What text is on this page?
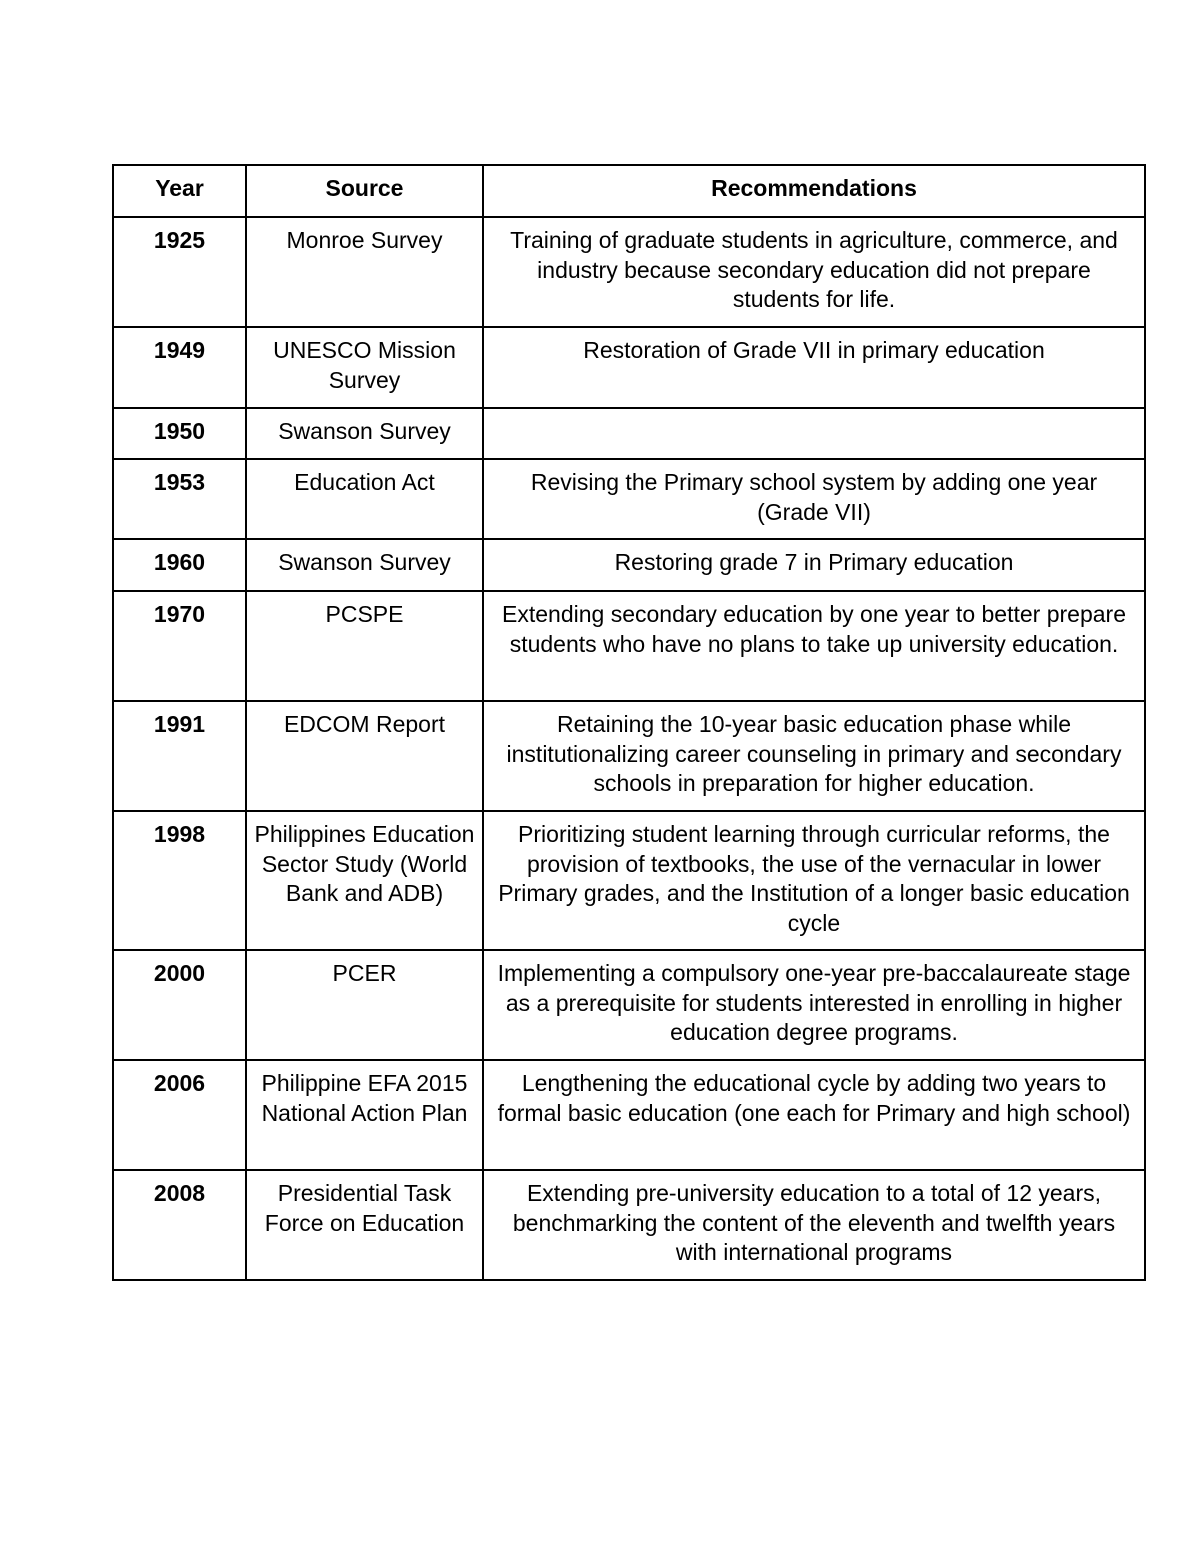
Year	Source	Recommendations
1925	Monroe Survey	Training of graduate students in agriculture, commerce, and industry because secondary education did not prepare students for life.
1949	UNESCO Mission Survey	Restoration of Grade VII in primary education
1950	Swanson Survey	
1953	Education Act	Revising the Primary school system by adding one year (Grade VII)
1960	Swanson Survey	Restoring grade 7 in Primary education
1970	PCSPE	Extending secondary education by one year to better prepare students who have no plans to take up university education.
1991	EDCOM Report	Retaining the 10-year basic education phase while institutionalizing career counseling in primary and secondary schools in preparation for higher education.
1998	Philippines Education Sector Study (World Bank and ADB)	Prioritizing student learning through curricular reforms, the provision of textbooks, the use of the vernacular in lower Primary grades, and the Institution of a longer basic education cycle
2000	PCER	Implementing a compulsory one-year pre-baccalaureate stage as a prerequisite for students interested in enrolling in higher education degree programs.
2006	Philippine EFA 2015 National Action Plan	Lengthening the educational cycle by adding two years to formal basic education (one each for Primary and high school)
2008	Presidential Task Force on Education	Extending pre-university education to a total of 12 years, benchmarking the content of the eleventh and twelfth years with international programs
